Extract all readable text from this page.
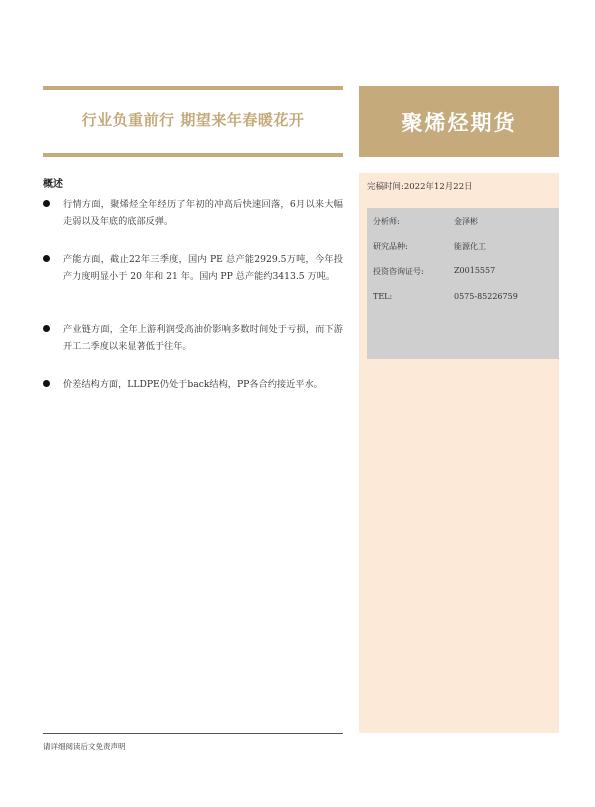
行业负重前行 期望来年春暖花开	聚烯烃期货
完稿时间:2022年12月22日
分析师:	金泽彬
研究品种:	能源化工
投资咨询证号:	Z0015557
TEL:	0575-85226759
概述
行情方面，聚烯烃全年经历了年初的冲高后快速回落，6月以来大幅走弱以及年底的底部反弹。
产能方面，截止22年三季度，国内 PE 总产能2929.5万吨，今年投产力度明显小于 20 年和 21 年。国内 PP 总产能约3413.5 万吨。
产业链方面，全年上游利润受高油价影响多数时间处于亏损，而下游开工二季度以来显著低于往年。
价差结构方面，LLDPE仍处于back结构，PP各合约接近平水。
请详细阅读后文免责声明
